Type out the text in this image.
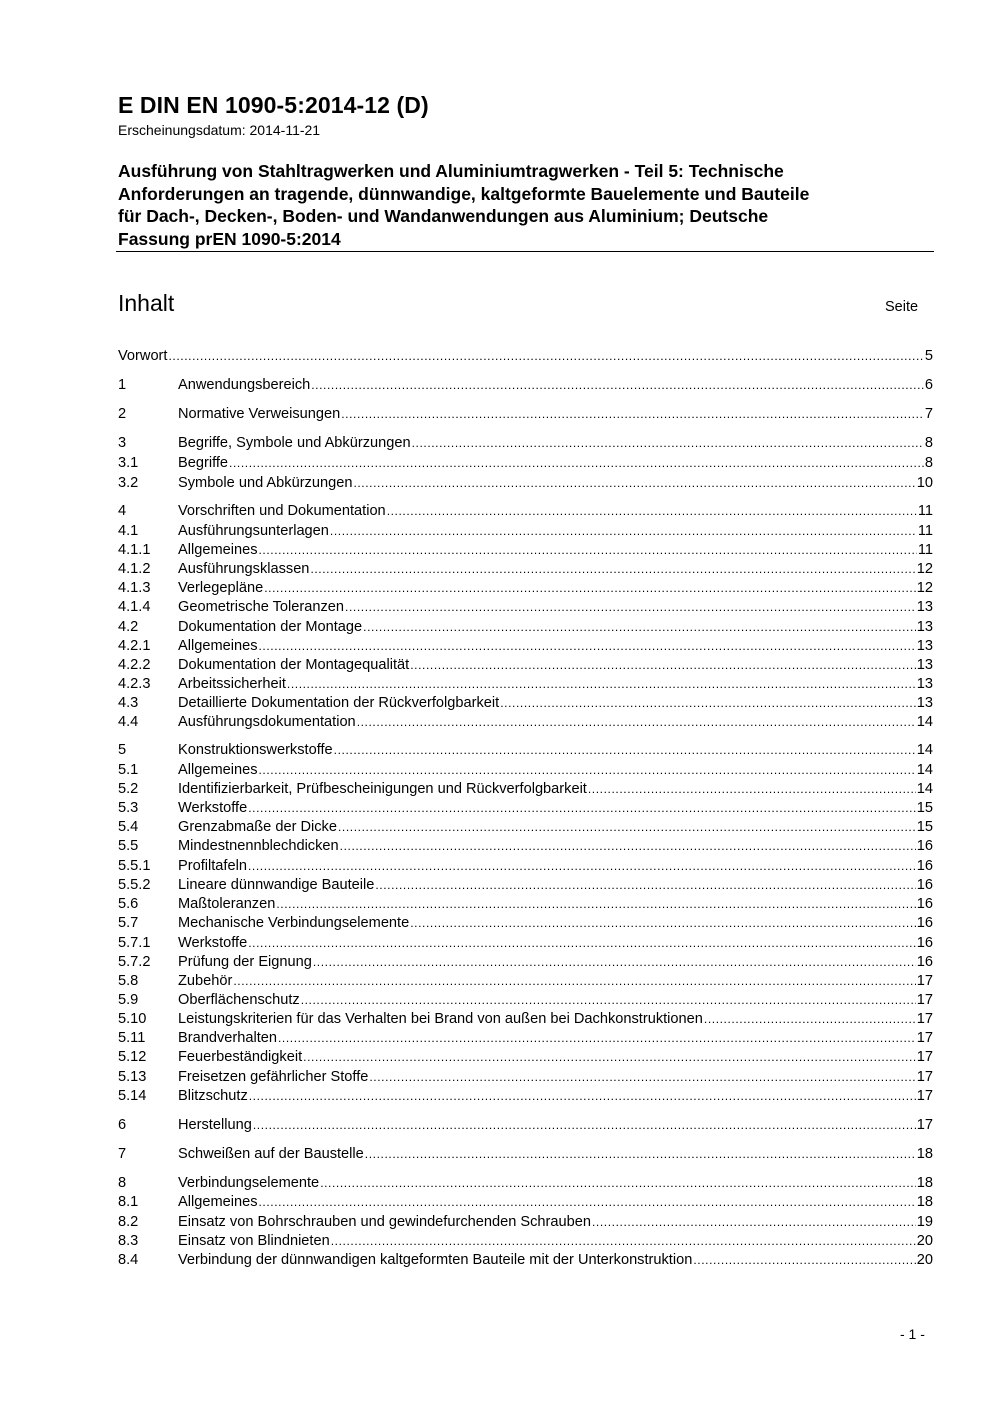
E DIN EN 1090-5:2014-12 (D)
Erscheinungsdatum: 2014-11-21
Ausführung von Stahltragwerken und Aluminiumtragwerken - Teil 5: Technische
Anforderungen an tragende, dünnwandige, kaltgeformte Bauelemente und Bauteile
für Dach-, Decken-, Boden- und Wandanwendungen aus Aluminium; Deutsche
Fassung prEN 1090-5:2014
Inhalt	Seite
Vorwort .....	5
1	Anwendungsbereich .....	6
2	Normative Verweisungen .....	7
3	Begriffe, Symbole und Abkürzungen .....	8
3.1	Begriffe .....	8
3.2	Symbole und Abkürzungen .....	10
4	Vorschriften und Dokumentation .....	11
4.1	Ausführungsunterlagen .....	11
4.1.1	Allgemeines .....	11
4.1.2	Ausführungsklassen .....	12
4.1.3	Verlegepläne .....	12
4.1.4	Geometrische Toleranzen .....	13
4.2	Dokumentation der Montage .....	13
4.2.1	Allgemeines .....	13
4.2.2	Dokumentation der Montagequalität .....	13
4.2.3	Arbeitssicherheit .....	13
4.3	Detaillierte Dokumentation der Rückverfolgbarkeit .....	13
4.4	Ausführungsdokumentation .....	14
5	Konstruktionswerkstoffe .....	14
5.1	Allgemeines .....	14
5.2	Identifizierbarkeit, Prüfbescheinigungen und Rückverfolgbarkeit .....	14
5.3	Werkstoffe .....	15
5.4	Grenzabmaße der Dicke .....	15
5.5	Mindestnennblechdicken .....	16
5.5.1	Profiltafeln .....	16
5.5.2	Lineare dünnwandige Bauteile .....	16
5.6	Maßtoleranzen .....	16
5.7	Mechanische Verbindungselemente .....	16
5.7.1	Werkstoffe .....	16
5.7.2	Prüfung der Eignung .....	16
5.8	Zubehör .....	17
5.9	Oberflächenschutz .....	17
5.10	Leistungskriterien für das Verhalten bei Brand von außen bei Dachkonstruktionen .....	17
5.11	Brandverhalten .....	17
5.12	Feuerbeständigkeit .....	17
5.13	Freisetzen gefährlicher Stoffe .....	17
5.14	Blitzschutz .....	17
6	Herstellung .....	17
7	Schweißen auf der Baustelle .....	18
8	Verbindungselemente .....	18
8.1	Allgemeines .....	18
8.2	Einsatz von Bohrschrauben und gewindefurchenden Schrauben .....	19
8.3	Einsatz von Blindnieten .....	20
8.4	Verbindung der dünnwandigen kaltgeformten Bauteile mit der Unterkonstruktion .....	20
- 1 -
